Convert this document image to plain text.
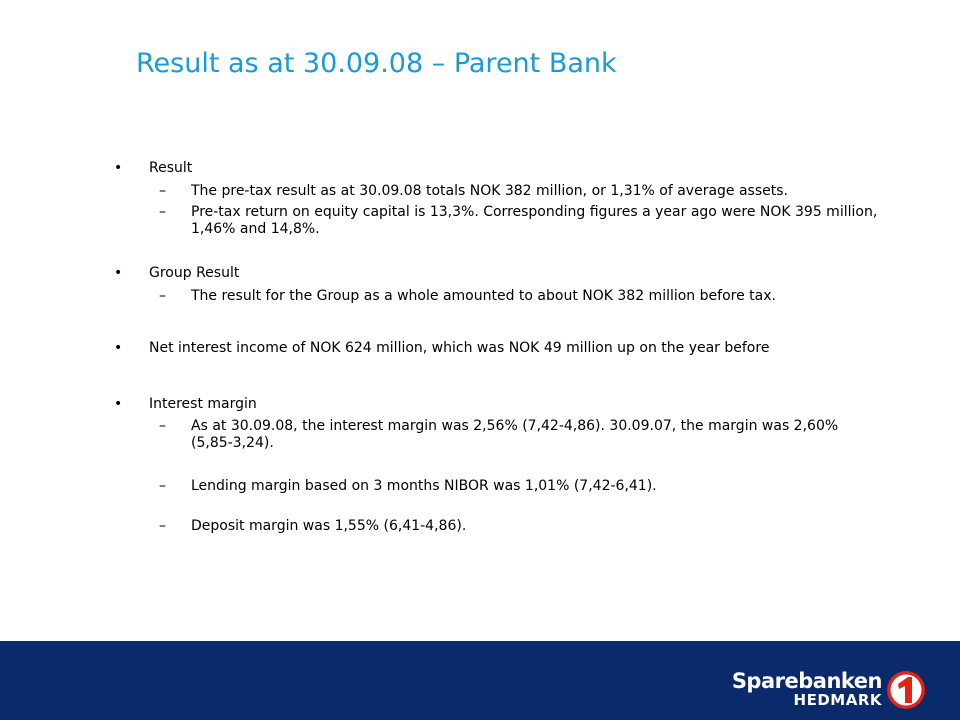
Result as at 30.09.08 – Parent Bank
• Result
– The pre-tax result as at 30.09.08 totals NOK 382 million, or 1,31% of average assets.
– Pre-tax return on equity capital is 13,3%. Corresponding figures a year ago were NOK 395 million, 1,46% and 14,8%.
• Group Result
– The result for the Group as a whole amounted to about NOK 382 million before tax.
• Net interest income of NOK 624 million, which was NOK 49 million up on the year before
• Interest margin
– As at 30.09.08, the interest margin was 2,56% (7,42-4,86). 30.09.07, the margin was 2,60% (5,85-3,24).
– Lending margin based on 3 months NIBOR was 1,01% (7,42-6,41).
– Deposit margin was 1,55% (6,41-4,86).
Sparebanken
HEDMARK
